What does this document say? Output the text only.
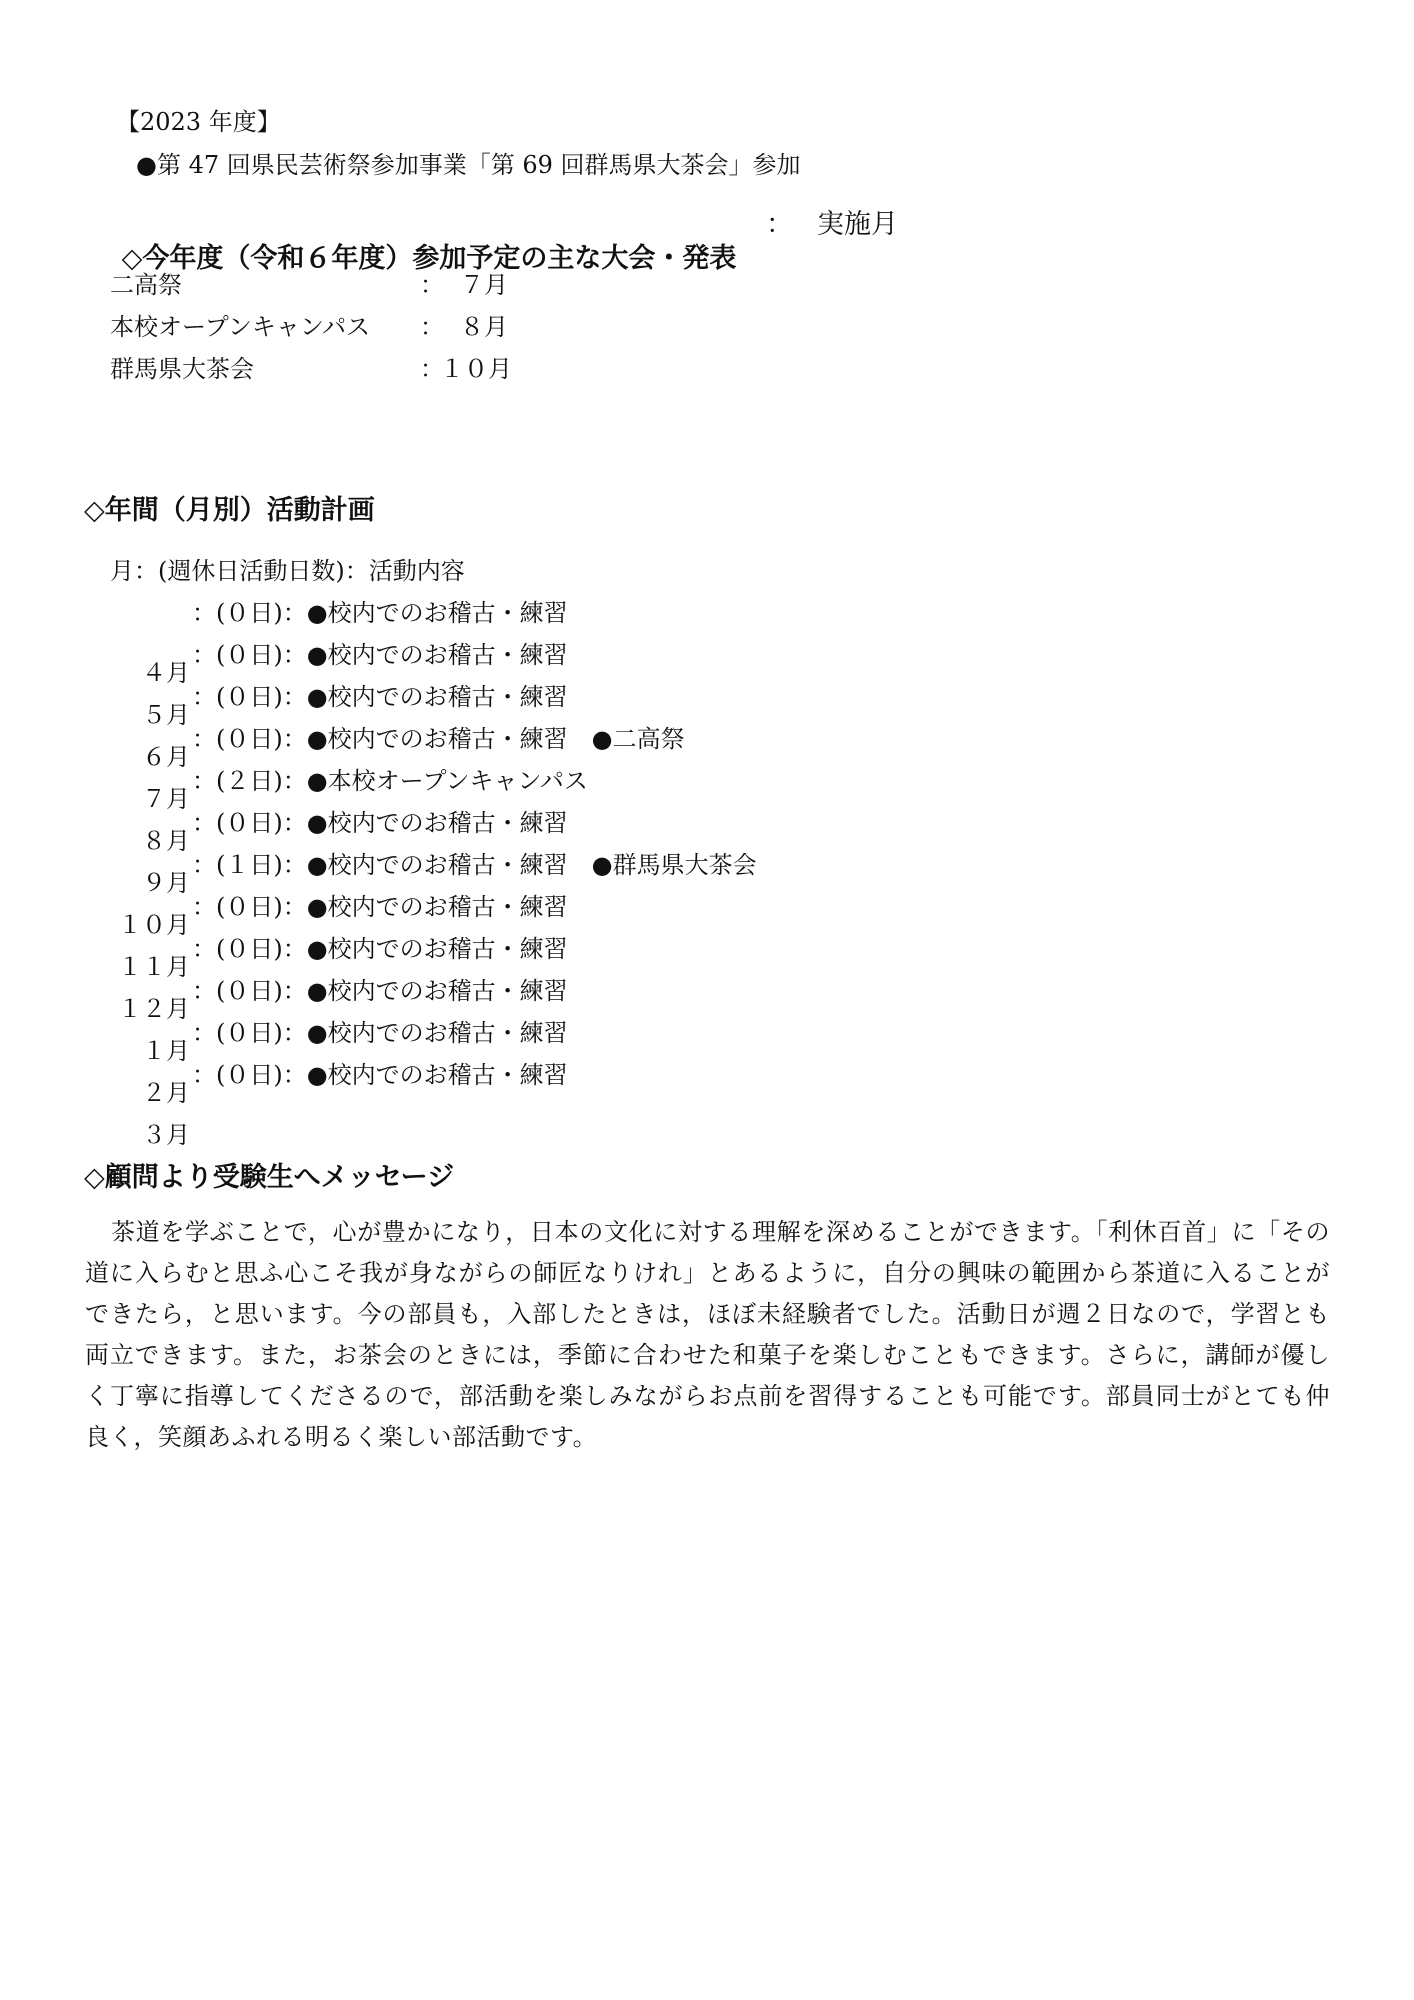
【2023 年度】
●第 47 回県民芸術祭参加事業「第 69 回群馬県大茶会」参加

◇今年度（令和６年度）参加予定の主な大会・発表

：

実施月

二高祭

	：

７月

本校オープンキャンパス

：

８月

群馬県大茶会

	：

１０月

◇年間（月別）活動計画
月：(週休日活動日数)：活動内容

４月

：(０日)：●校内でのお稽古・練習

５月

：(０日)：●校内でのお稽古・練習

６月

：(０日)：●校内でのお稽古・練習

７月

：(０日)：●校内でのお稽古・練習　●二高祭

８月

：(２日)：●本校オープンキャンパス

９月

：(０日)：●校内でのお稽古・練習

１０月

：(１日)：●校内でのお稽古・練習　●群馬県大茶会

１１月

：(０日)：●校内でのお稽古・練習

１２月

：(０日)：●校内でのお稽古・練習

１月

：(０日)：●校内でのお稽古・練習

２月

：(０日)：●校内でのお稽古・練習

３月

：(０日)：●校内でのお稽古・練習

◇顧問より受験生へメッセージ
茶道を学ぶことで，心が豊かになり，日本の文化に対する理解を深めることができます。「利休百首」に「その道に入らむと思ふ心こそ我が身ながらの師匠なりけれ」とあるように，自分の興味の範囲から茶道に入ることができたら，と思います。今の部員も，入部したときは，ほぼ未経験者でした。活動日が週２日なので，学習とも両立できます。また，お茶会のときには，季節に合わせた和菓子を楽しむこともできます。さらに，講師が優しく丁寧に指導してくださるので，部活動を楽しみながらお点前を習得することも可能です。部員同士がとても仲良く，笑顔あふれる明るく楽しい部活動です。
